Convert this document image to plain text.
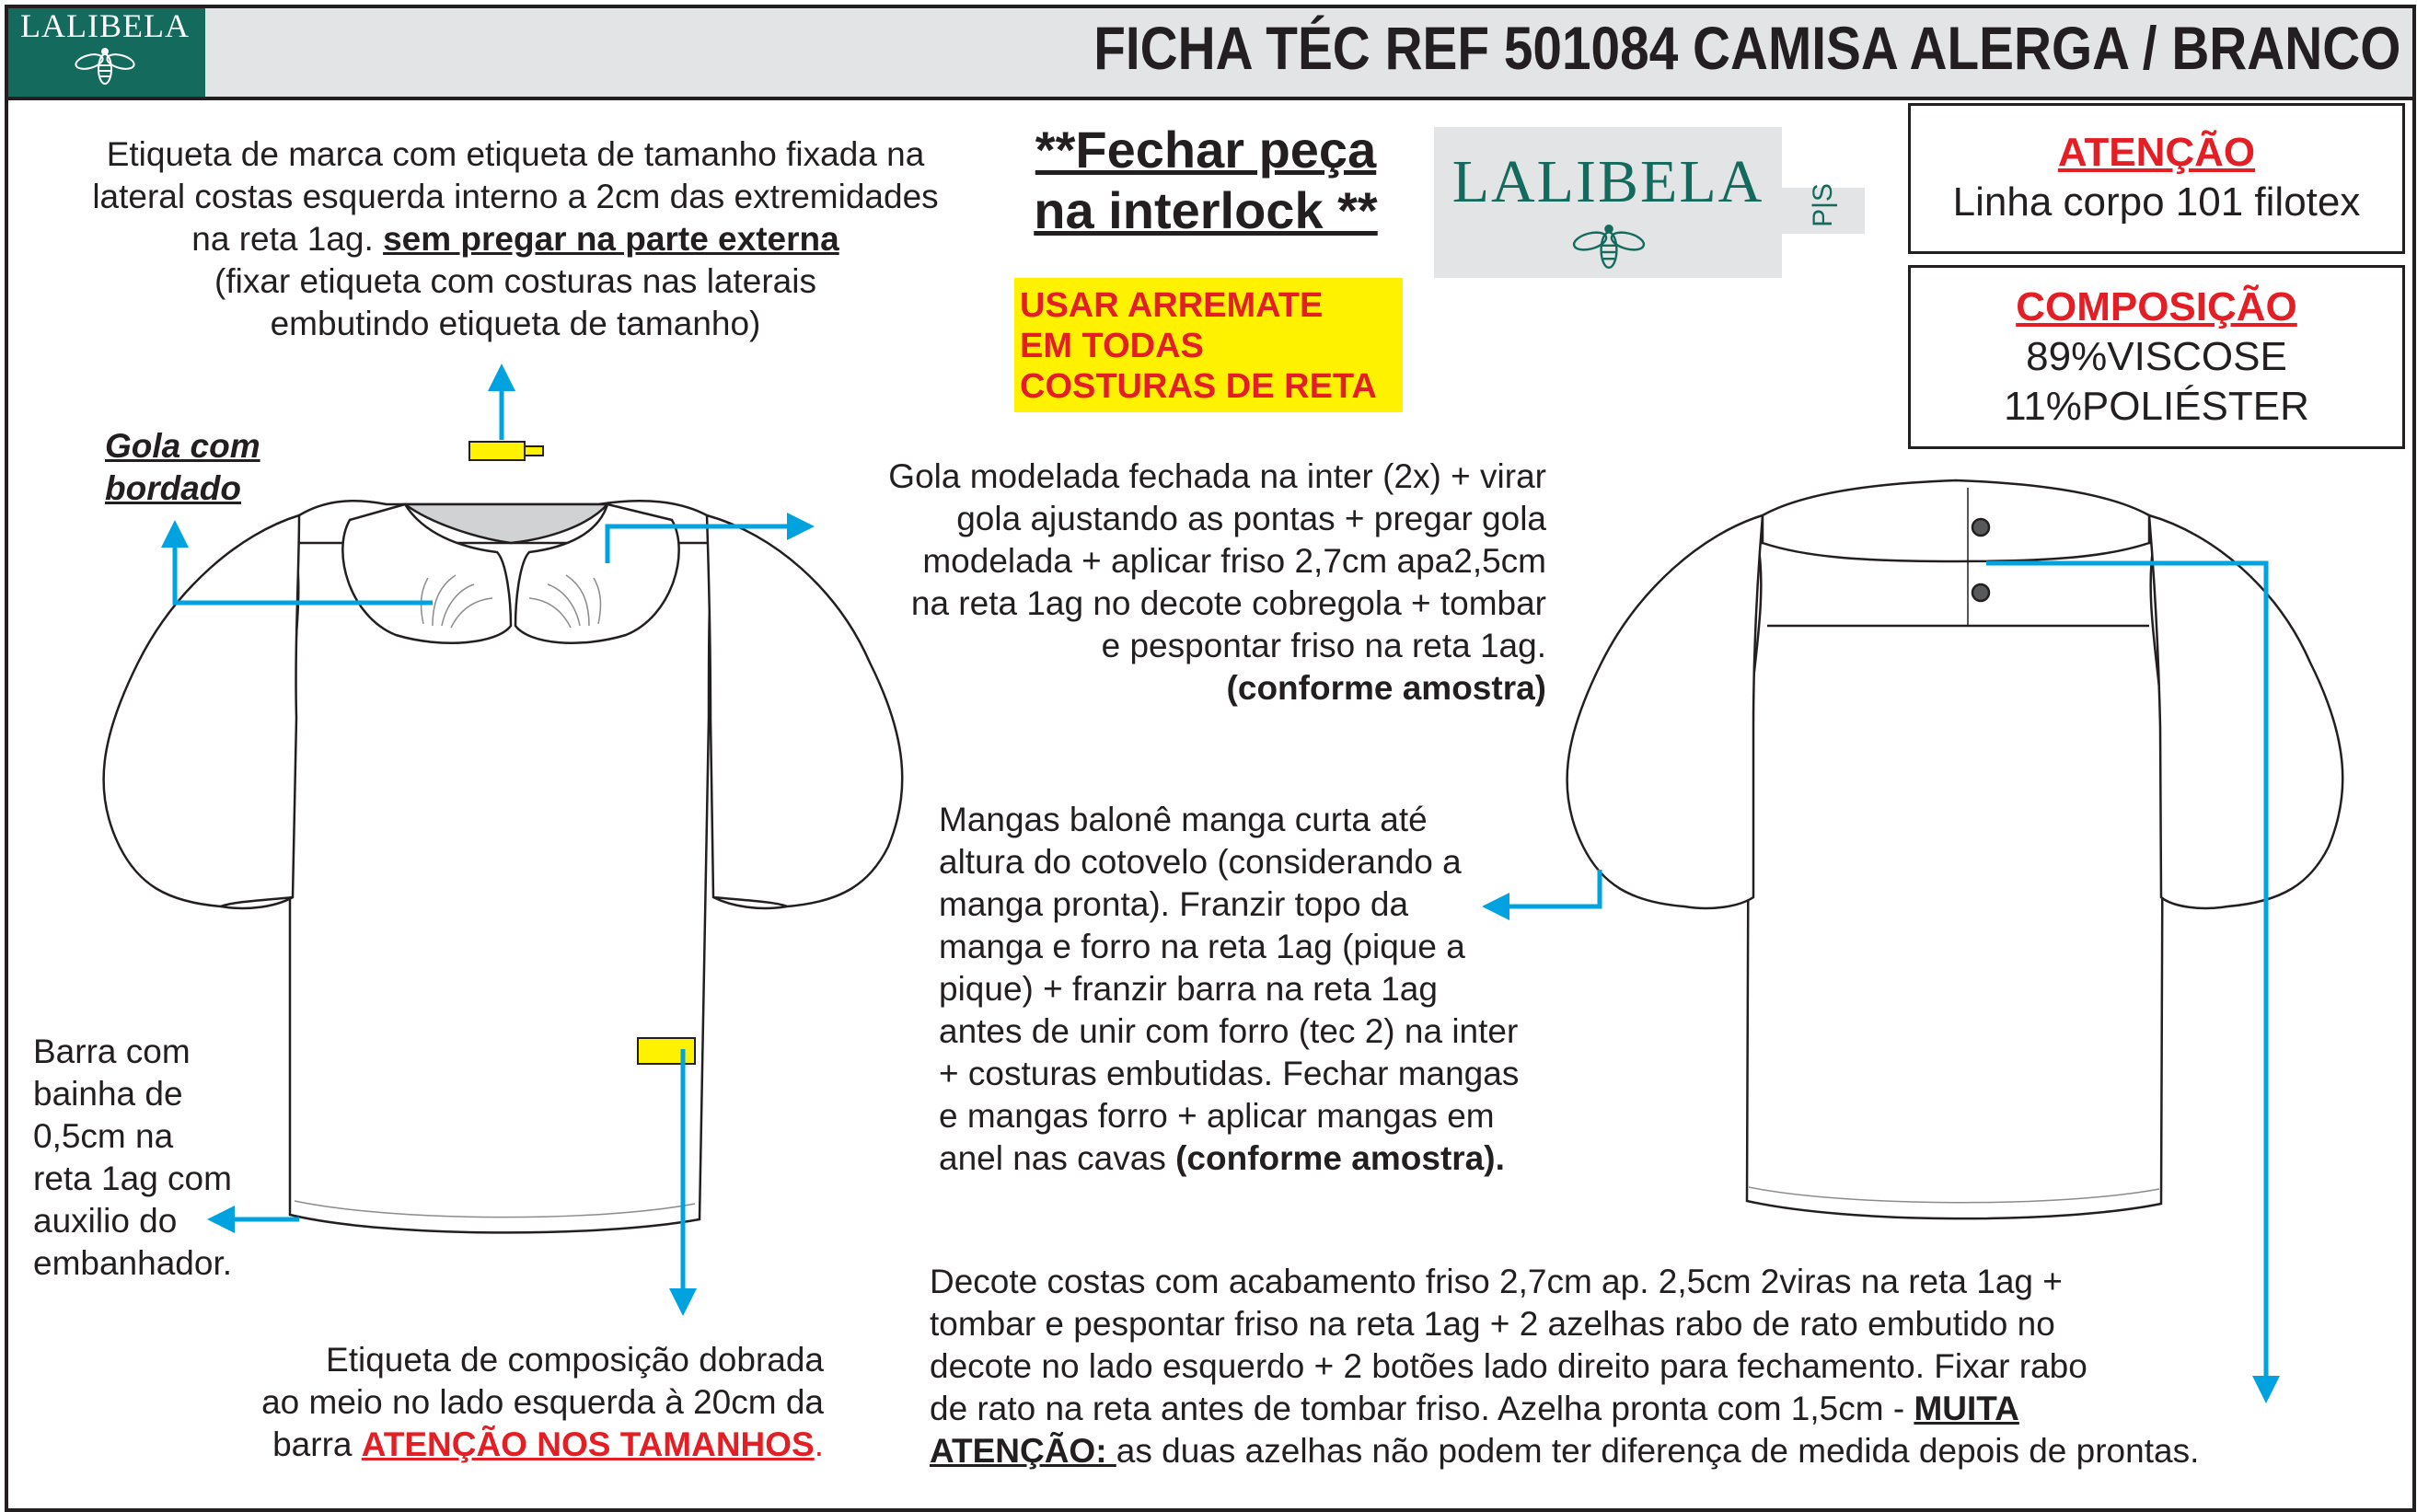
LALIBELA	FICHA TÉC REF 501084 CAMISA ALERGA / BRANCO
Etiqueta de marca com etiqueta de tamanho fixada na
lateral costas esquerda interno a 2cm das extremidades
na reta 1ag. sem pregar na parte externa
(fixar etiqueta com costuras nas laterais
embutindo etiqueta de tamanho)
**Fechar peça
na interlock **
USAR ARREMATE
EM TODAS
COSTURAS DE RETA
LALIBELA	P|S
ATENÇÃO
Linha corpo 101 filotex
COMPOSIÇÃO
89%VISCOSE
11%POLIÉSTER
Gola com
bordado	Gola modelada fechada na inter (2x) + virar
gola ajustando as pontas + pregar gola
modelada + aplicar friso 2,7cm apa2,5cm
na reta 1ag no decote cobregola + tombar
e pespontar friso na reta 1ag.
(conforme amostra)
Mangas balonê manga curta até
altura do cotovelo (considerando a
manga pronta). Franzir topo da
manga e forro na reta 1ag (pique a
pique) + franzir barra na reta 1ag
antes de unir com forro (tec 2) na inter
+ costuras embutidas. Fechar mangas
e mangas forro + aplicar mangas em
anel nas cavas (conforme amostra).
Barra com
bainha de
0,5cm na
reta 1ag com
auxilio do
embanhador.
Etiqueta de composição dobrada
ao meio no lado esquerda à 20cm da
barra ATENÇÃO NOS TAMANHOS.
Decote costas com acabamento friso 2,7cm ap. 2,5cm 2viras na reta 1ag +
tombar e pespontar friso na reta 1ag + 2 azelhas rabo de rato embutido no
decote no lado esquerdo + 2 botões lado direito para fechamento. Fixar rabo
de rato na reta antes de tombar friso. Azelha pronta com 1,5cm - MUITA
ATENÇÃO: as duas azelhas não podem ter diferença de medida depois de prontas.
